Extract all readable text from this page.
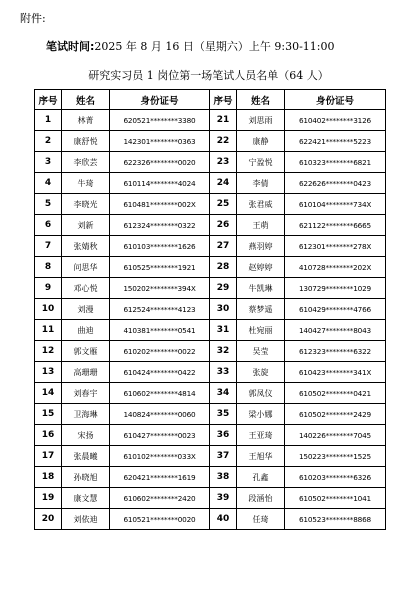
附件:
笔试时间:2025 年 8 月 16 日（星期六）上午 9:30-11:00
研究实习员 1 岗位第一场笔试人员名单（64 人）
序号	姓名	身份证号	序号	姓名	身份证号
1	林菁	620521********3380	21	刘思雨	610402********3126
2	康舒悦	142301********0363	22	康静	622421********5223
3	李欣芸	622326********0020	23	宁盈悦	610323********6821
4	牛琦	610114********4024	24	李倩	622626********0423
5	李晓光	610481********002X	25	张君威	610104********734X
6	刘新	612324********0322	26	王萌	621122********6665
7	张婧秋	610103********1626	27	燕羽婷	612301********278X
8	问思华	610525********1921	28	赵婷婷	410728********202X
9	邓心悦	150202********394X	29	牛凯琳	130729********1029
10	刘漫	612524********4123	30	蔡梦遥	610429********4766
11	曲迪	410381********0541	31	杜宛丽	140427********8043
12	郭文雁	610202********0022	32	吴莹	612323********6322
13	高珊珊	610424********0422	33	张旋	610423********341X
14	刘春宇	610602********4814	34	郭凤仪	610502********0421
15	卫海琳	140824********0060	35	梁小娜	610502********2429
16	宋扬	610427********0023	36	王亚琦	140226********7045
17	张晨曦	610102********033X	37	王旭华	150223********1525
18	孙晓旭	620421********1619	38	孔鑫	610203********6326
19	康文慧	610602********2420	39	段涵怡	610502********1041
20	刘依迪	610521********0020	40	任琦	610523********8868
